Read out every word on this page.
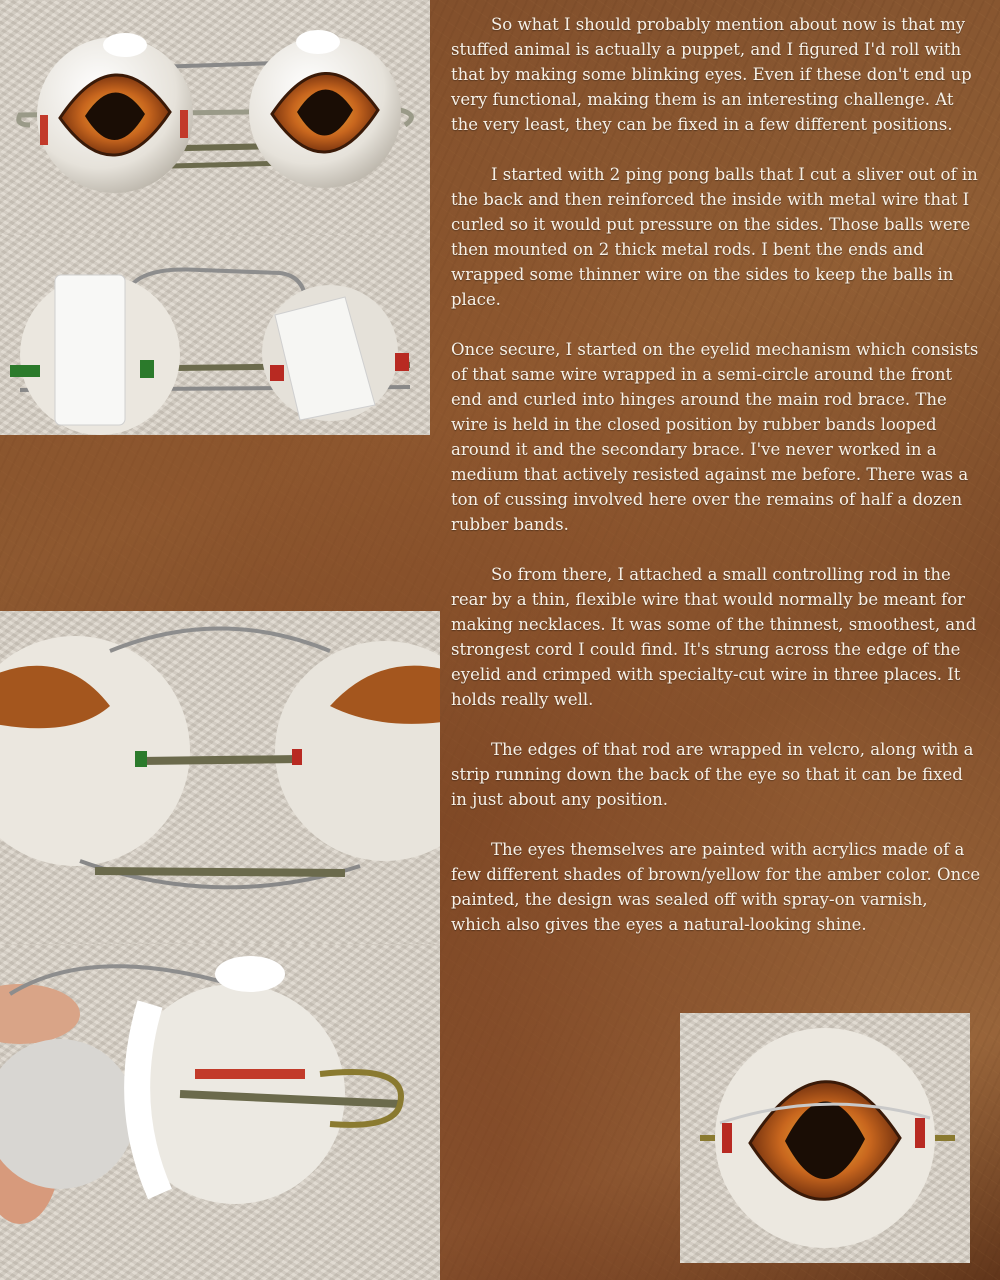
So what I should probably mention about now is that my stuffed animal is actually a puppet, and I figured I'd roll with that by making some blinking eyes. Even if these don't end up very functional, making them is an interesting challenge. At the very least, they can be fixed in a few different positions.

I started with 2 ping pong balls that I cut a sliver out of in the back and then reinforced the inside with metal wire that I curled so it would put pressure on the sides. Those balls were then mounted on 2 thick metal rods. I bent the ends and wrapped some thinner wire on the sides to keep the balls in place.

Once secure, I started on the eyelid mechanism which consists of that same wire wrapped in a semi-circle around the front end and curled into hinges around the main rod brace. The wire is held in the closed position by rubber bands looped around it and the secondary brace. I've never worked in a medium that actively resisted against me before. There was a ton of cussing involved here over the remains of half a dozen rubber bands.

So from there, I attached a small controlling rod in the rear by a thin, flexible wire that would normally be meant for making necklaces. It was some of the thinnest, smoothest, and strongest cord I could find. It's strung across the edge of the eyelid and crimped with specialty-cut wire in three places. It holds really well.

The edges of that rod are wrapped in velcro, along with a strip running down the back of the eye so that it can be fixed in just about any position.

The eyes themselves are painted with acrylics made of a few different shades of brown/yellow for the amber color. Once painted, the design was sealed off with spray-on varnish, which also gives the eyes a natural-looking shine.
